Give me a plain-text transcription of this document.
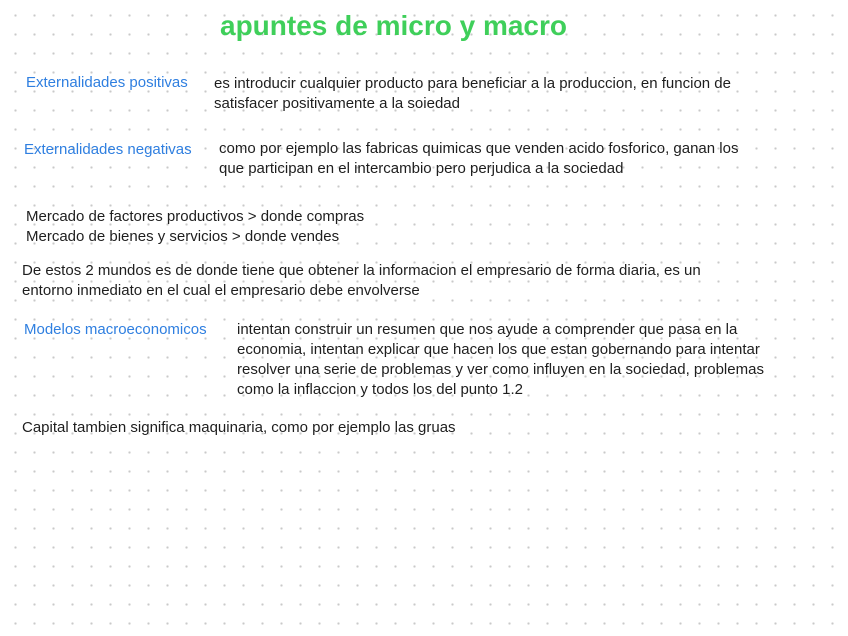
apuntes de micro y macro
Externalidades positivas es introducir cualquier producto para beneficiar a la produccion, en funcion de
satisfacer positivamente a la soiedad
Externalidades negativas como por ejemplo las fabricas quimicas que venden acido fosforico, ganan los
que participan en el intercambio pero perjudica a la sociedad
Mercado de factores productivos > donde compras
Mercado de bienes y servicios > donde vendes
De estos 2 mundos es de donde tiene que obtener la informacion el empresario de forma diaria, es un
entorno inmediato en el cual el empresario debe envolverse
Modelos macroeconomicos intentan construir un resumen que nos ayude a comprender que pasa en la
economia, intentan explicar que hacen los que estan gobernando para intentar
resolver una serie de problemas y ver como influyen en la sociedad, problemas
como la inflaccion y todos los del punto 1.2
Capital tambien significa maquinaria, como por ejemplo las gruas
